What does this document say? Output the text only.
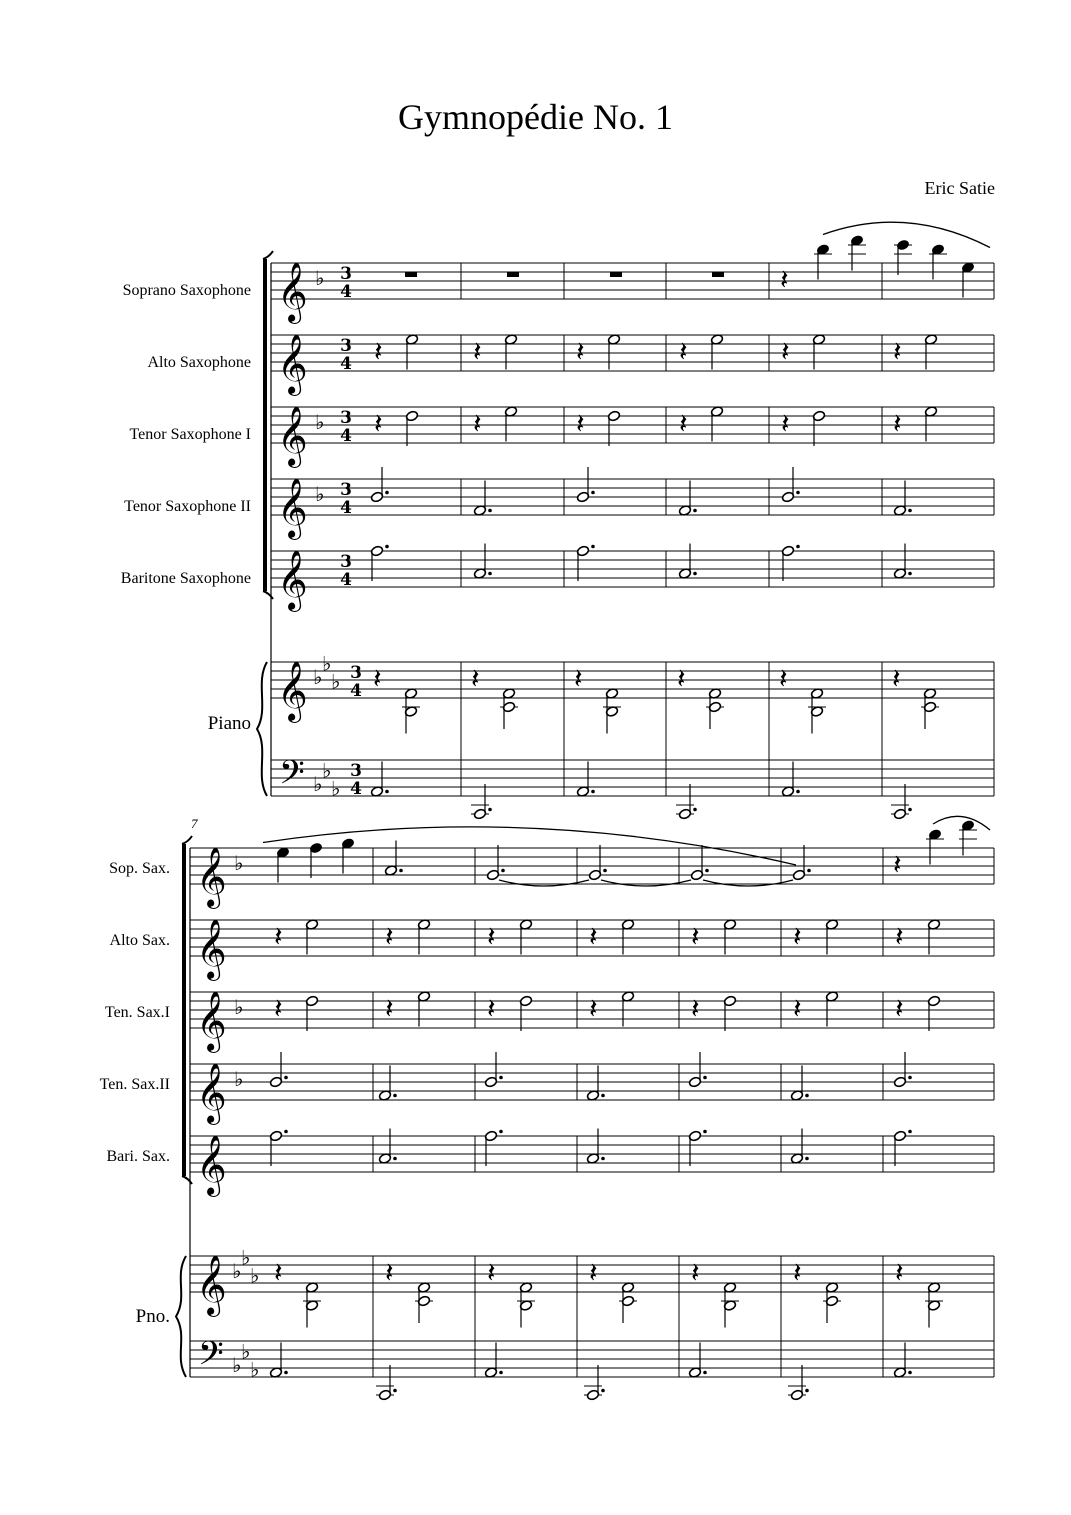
Gymnopédie No. 1
Eric Satie
Soprano Saxophone
Alto Saxophone
Tenor Saxophone I
Tenor Saxophone II
Baritone Saxophone
Piano
𝄞 ♭ 3
4
𝄞 3
4
𝄞 ♭ 3
4
𝄞 ♭ 3
4
𝄞 3
4
𝄞
𝄢
♭
♭
♭
♭
♭
♭
3
4
3
4
𝄽
𝄽	𝄽	𝄽	𝄽	𝄽	𝄽
𝄽	𝄽	𝄽	𝄽	𝄽	𝄽
𝄽	𝄽	𝄽	𝄽	𝄽	𝄽
7
Sop. Sax.
Alto Sax.
Ten. Sax.I
Ten. Sax.II
Bari. Sax.
Pno.
𝄞 ♭
𝄞
𝄞 ♭
𝄞 ♭
𝄞
𝄞
𝄢
♭
♭
♭
♭
♭
♭
𝄽
𝄽	𝄽	𝄽	𝄽	𝄽	𝄽	𝄽
𝄽	𝄽	𝄽	𝄽	𝄽	𝄽	𝄽
𝄽	𝄽	𝄽	𝄽	𝄽	𝄽	𝄽
